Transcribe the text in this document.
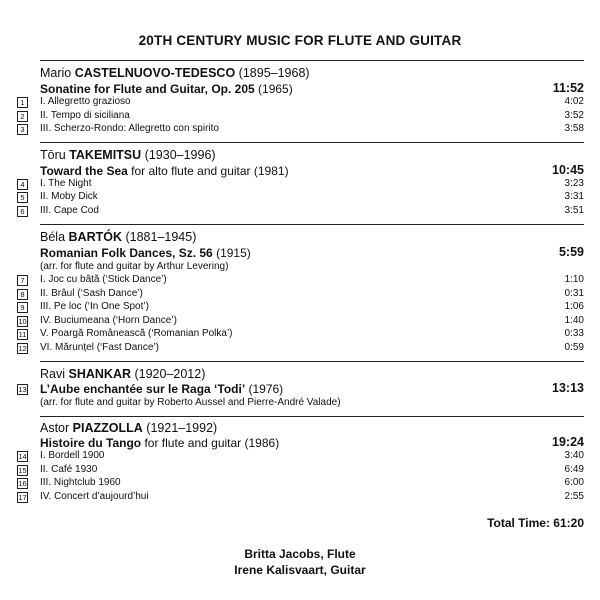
20TH CENTURY MUSIC FOR FLUTE AND GUITAR
Mario CASTELNUOVO-TEDESCO (1895–1968)
Sonatine for Flute and Guitar, Op. 205 (1965)	11:52
1	I. Allegretto grazioso	4:02
2	II. Tempo di siciliana	3:52
3	III. Scherzo-Rondo: Allegretto con spirito	3:58
Tōru TAKEMITSU (1930–1996)
Toward the Sea for alto flute and guitar (1981)	10:45
4	I. The Night	3:23
5	II. Moby Dick	3:31
6	III. Cape Cod	3:51
Béla BARTÓK (1881–1945)
Romanian Folk Dances, Sz. 56 (1915)	5:59
(arr. for flute and guitar by Arthur Levering)
7	I. Joc cu bâtă (‘Stick Dance’)	1:10
8	II. Brâul (‘Sash Dance’)	0:31
9	III. Pe loc (‘In One Spot’)	1:06
10 IV. Buciumeana (‘Horn Dance’)	1:40
11 V. Poargă Românească (‘Romanian Polka’)	0:33
12 VI. Mărunțel (‘Fast Dance’)	0:59
Ravi SHANKAR (1920–2012)
13 L’Aube enchantée sur le Raga ‘Todi’ (1976)	13:13
(arr. for flute and guitar by Roberto Aussel and Pierre-André Valade)
Astor PIAZZOLLA (1921–1992)
Histoire du Tango for flute and guitar (1986)	19:24
14 I. Bordell 1900	3:40
15 II. Café 1930	6:49
16 III. Nightclub 1960	6:00
17 IV. Concert d’aujourd’hui	2:55
Total Time: 61:20
Britta Jacobs, Flute
Irene Kalisvaart, Guitar
